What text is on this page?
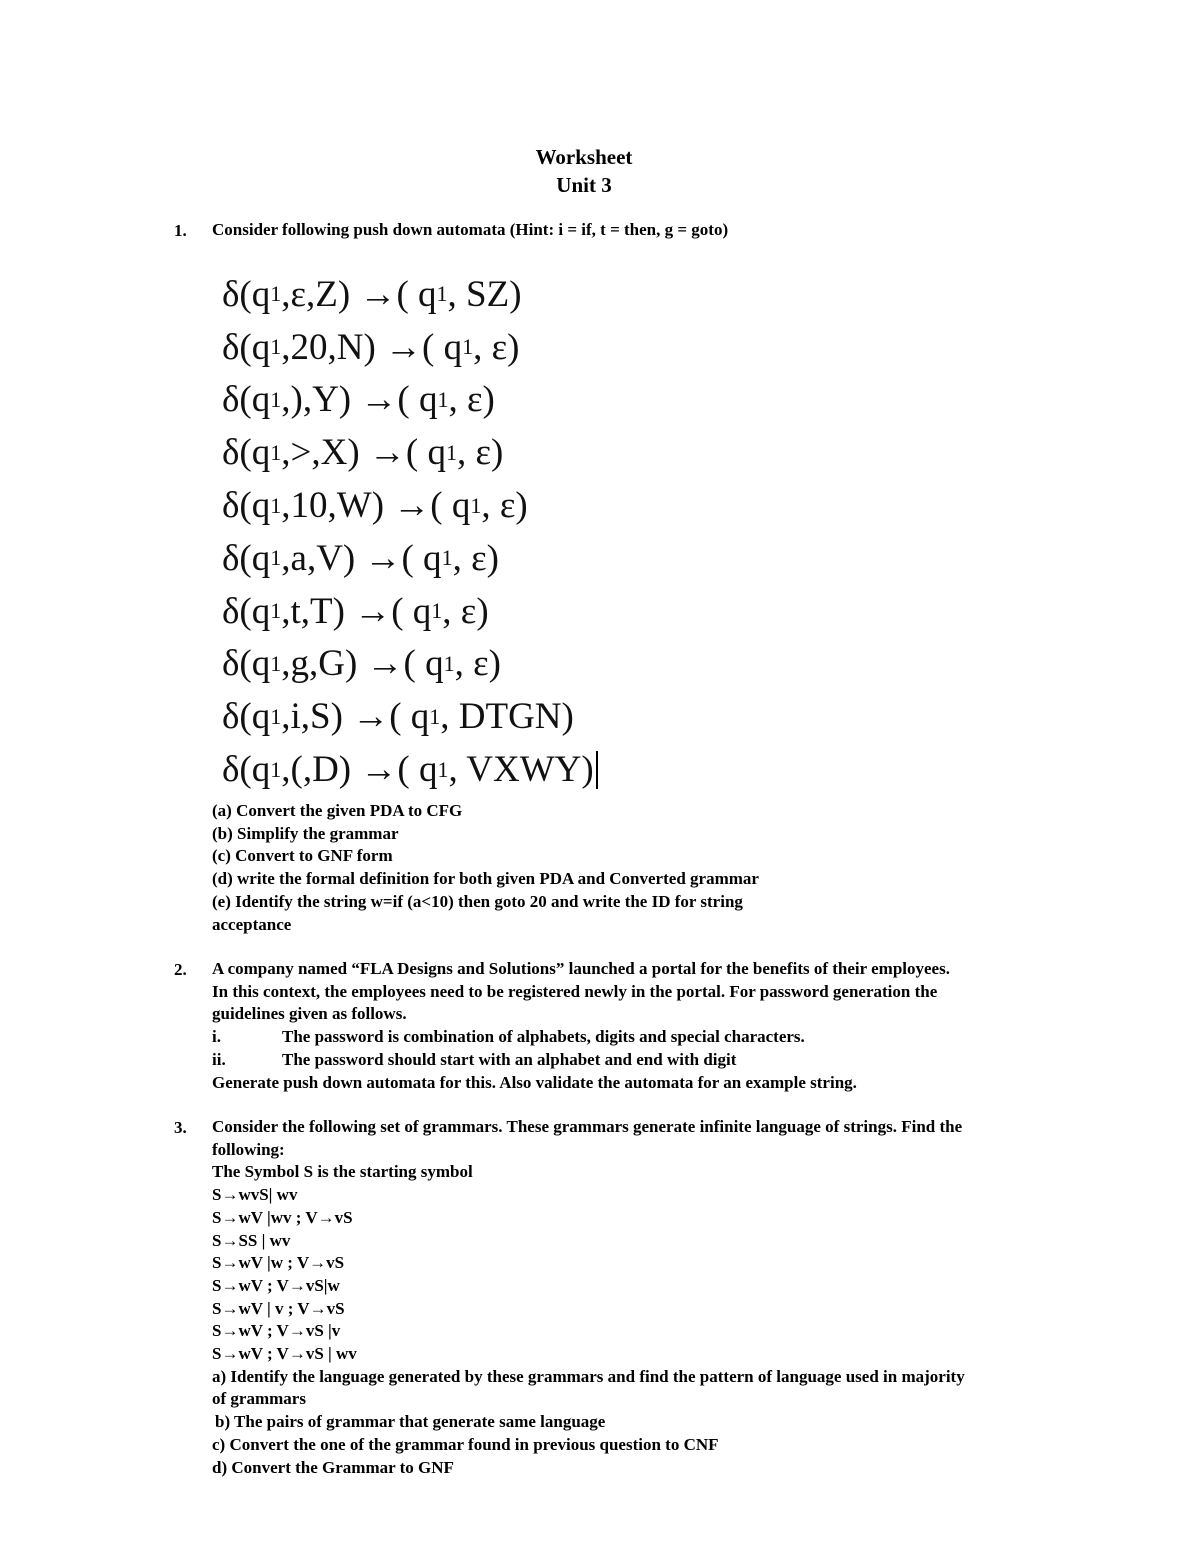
Worksheet
Unit 3
1. Consider following push down automata (Hint: i = if, t = then, g = goto)
δ(q 1 ,ε,Z) →( q 1 , SZ)
δ(q 1 ,20,N) →( q 1 , ε)
δ(q 1 ,),Y) →( q 1 , ε)
δ(q 1 ,>,X) →( q 1 , ε)
δ(q 1 ,10,W) →( q 1 , ε)
δ(q 1 ,a,V) →( q 1 , ε)
δ(q 1 ,t,T) →( q 1 , ε)
δ(q 1 ,g,G) →( q 1 , ε)
δ(q 1 ,i,S) →( q 1 , DTGN)
δ(q 1 ,(,D) →( q 1 , VXWY)
(a) Convert the given PDA to CFG
(b) Simplify the grammar
(c) Convert to GNF form
(d) write the formal definition for both given PDA and Converted grammar
(e) Identify the string w=if (a<10) then goto 20 and write the ID for string
acceptance
2. A company named “FLA Designs and Solutions” launched a portal for the benefits of their employees.
In this context, the employees need to be registered newly in the portal. For password generation the
guidelines given as follows.
i.	The password is combination of alphabets, digits and special characters.
ii.	The password should start with an alphabet and end with digit
Generate push down automata for this. Also validate the automata for an example string.
3. Consider the following set of grammars. These grammars generate infinite language of strings. Find the
following:
The Symbol S is the starting symbol
S→wvS| wv
S→wV |wv ; V→vS
S→SS | wv
S→wV |w ; V→vS
S→wV ; V→vS|w
S→wV | v ; V→vS
S→wV ; V→vS |v
S→wV ; V→vS | wv
a) Identify the language generated by these grammars and find the pattern of language used in majority
of grammars
b) The pairs of grammar that generate same language
c) Convert the one of the grammar found in previous question to CNF
d) Convert the Grammar to GNF
